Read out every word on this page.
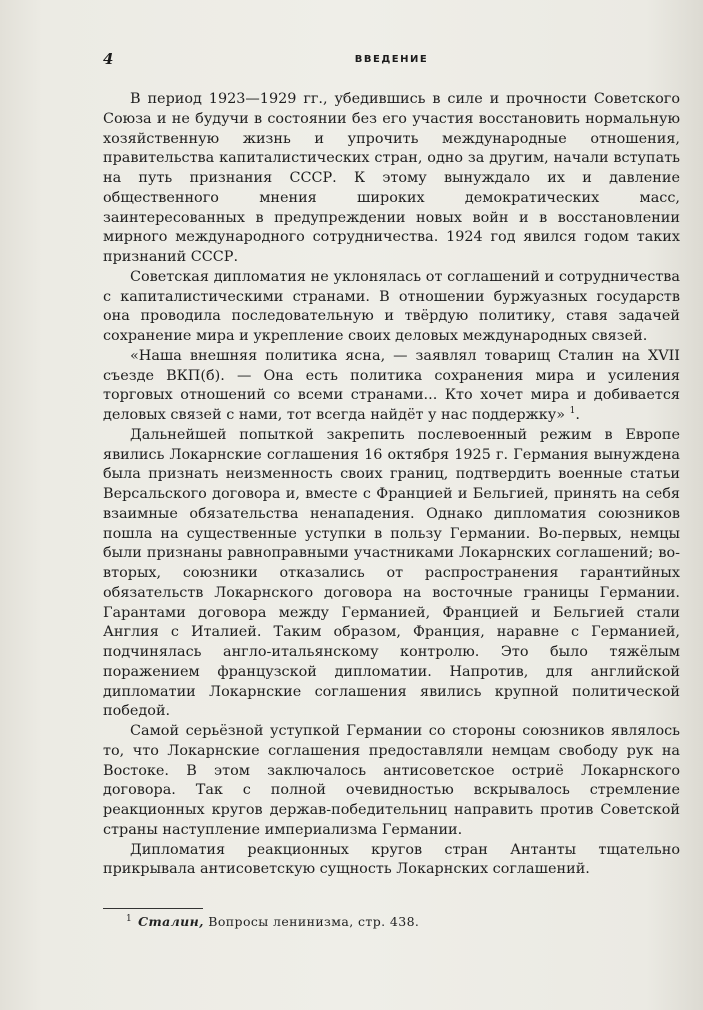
4	ВВЕДЕНИЕ

В период 1923—1929 гг., убедившись в силе и прочности Советского Союза и не будучи в состоянии без его участия восстановить нормальную хозяйственную жизнь и упрочить международные отношения, правительства капиталистических стран, одно за другим, начали вступать на путь признания СССР. К этому вынуждало их и давление общественного мнения широких демократических масс, заинтересованных в предупреждении новых войн и в восстановлении мирного международного сотрудничества. 1924 год явился годом таких признаний СССР.

Советская дипломатия не уклонялась от соглашений и сотрудничества с капиталистическими странами. В отношении буржуазных государств она проводила последовательную и твёрдую политику, ставя задачей сохранение мира и укрепление своих деловых международных связей.

«Наша внешняя политика ясна, — заявлял товарищ Сталин на XVII съезде ВКП(б). — Она есть политика сохранения мира и усиления торговых отношений со всеми странами... Кто хочет мира и добивается деловых связей с нами, тот всегда найдёт у нас поддержку» $^1$.

Дальнейшей попыткой закрепить послевоенный режим в Европе явились Локарнские соглашения 16 октября 1925 г. Германия вынуждена была признать неизменность своих границ, подтвердить военные статьи Версальского договора и, вместе с Францией и Бельгией, принять на себя взаимные обязательства ненападения. Однако дипломатия союзников пошла на существенные уступки в пользу Германии. Во-первых, немцы были признаны равноправными участниками Локарнских соглашений; во-вторых, союзники отказались от распространения гарантийных обязательств Локарнского договора на восточные границы Германии. Гарантами договора между Германией, Францией и Бельгией стали Англия с Италией. Таким образом, Франция, наравне с Германией, подчинялась англо-итальянскому контролю. Это было тяжёлым поражением французской дипломатии. Напротив, для английской дипломатии Локарнские соглашения явились крупной политической победой.

Самой серьёзной уступкой Германии со стороны союзников являлось то, что Локарнские соглашения предоставляли немцам свободу рук на Востоке. В этом заключалось антисоветское остриё Локарнского договора. Так с полной очевидностью вскрывалось стремление реакционных кругов держав-победительниц направить против Советской страны наступление империализма Германии.

Дипломатия реакционных кругов стран Антанты тщательно прикрывала антисоветскую сущность Локарнских соглашений.

$^1$ Сталин, Вопросы ленинизма, стр. 438.
